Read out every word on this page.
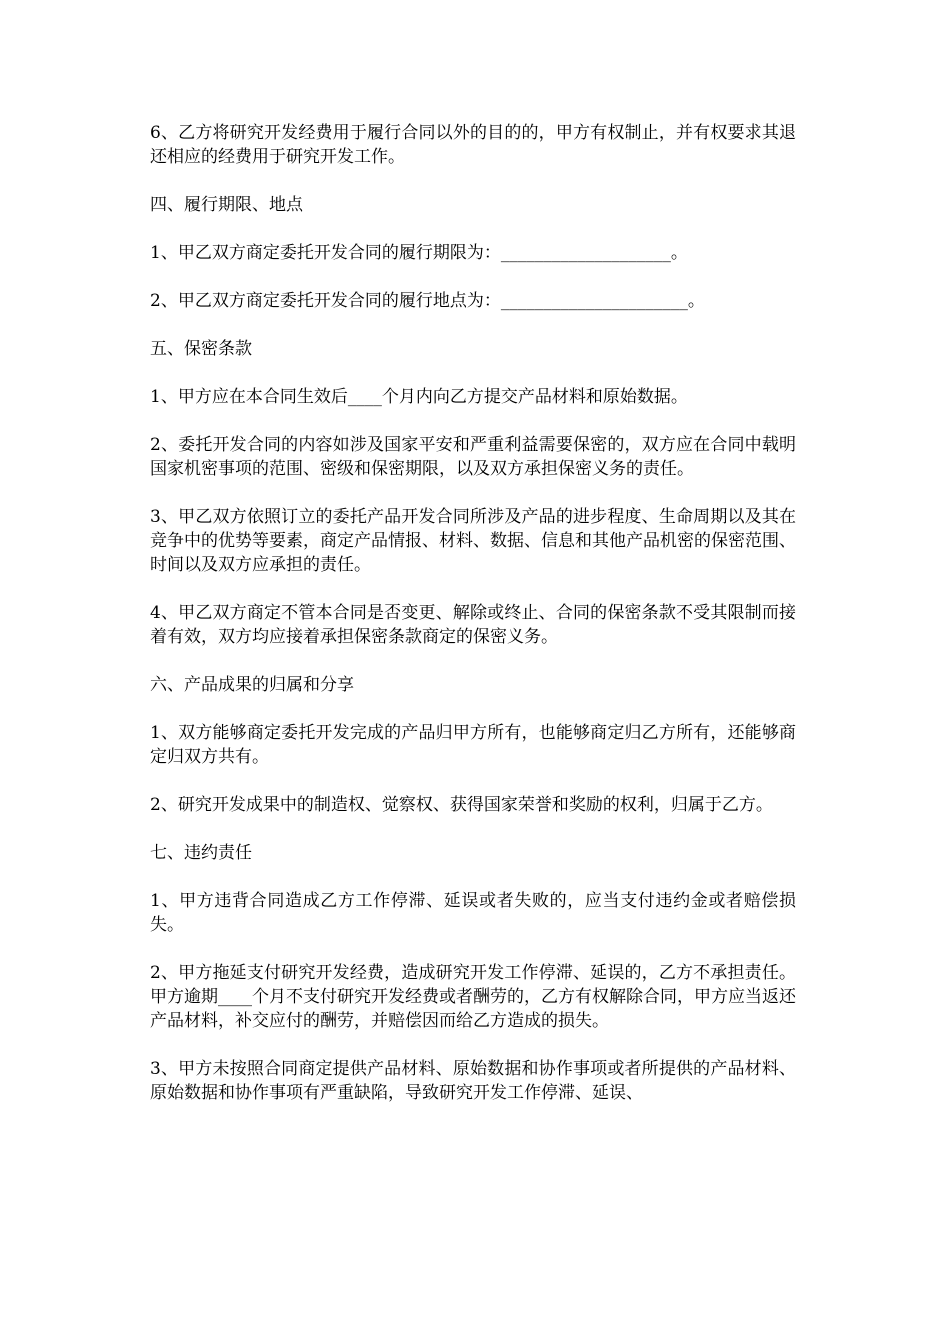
6、乙方将研究开发经费用于履行合同以外的目的的，甲方有权制止，并有权要求其退还相应的经费用于研究开发工作。

四、履行期限、地点

1、甲乙双方商定委托开发合同的履行期限为：____________________。

2、甲乙双方商定委托开发合同的履行地点为：______________________。

五、保密条款

1、甲方应在本合同生效后____个月内向乙方提交产品材料和原始数据。

2、委托开发合同的内容如涉及国家平安和严重利益需要保密的，双方应在合同中载明国家机密事项的范围、密级和保密期限，以及双方承担保密义务的责任。

3、甲乙双方依照订立的委托产品开发合同所涉及产品的进步程度、生命周期以及其在竞争中的优势等要素，商定产品情报、材料、数据、信息和其他产品机密的保密范围、时间以及双方应承担的责任。

4、甲乙双方商定不管本合同是否变更、解除或终止、合同的保密条款不受其限制而接着有效，双方均应接着承担保密条款商定的保密义务。

六、产品成果的归属和分享

1、双方能够商定委托开发完成的产品归甲方所有，也能够商定归乙方所有，还能够商定归双方共有。

2、研究开发成果中的制造权、觉察权、获得国家荣誉和奖励的权利，归属于乙方。

七、违约责任

1、甲方违背合同造成乙方工作停滞、延误或者失败的，应当支付违约金或者赔偿损失。

2、甲方拖延支付研究开发经费，造成研究开发工作停滞、延误的，乙方不承担责任。甲方逾期____个月不支付研究开发经费或者酬劳的，乙方有权解除合同，甲方应当返还产品材料，补交应付的酬劳，并赔偿因而给乙方造成的损失。

3、甲方未按照合同商定提供产品材料、原始数据和协作事项或者所提供的产品材料、原始数据和协作事项有严重缺陷，导致研究开发工作停滞、延误、
